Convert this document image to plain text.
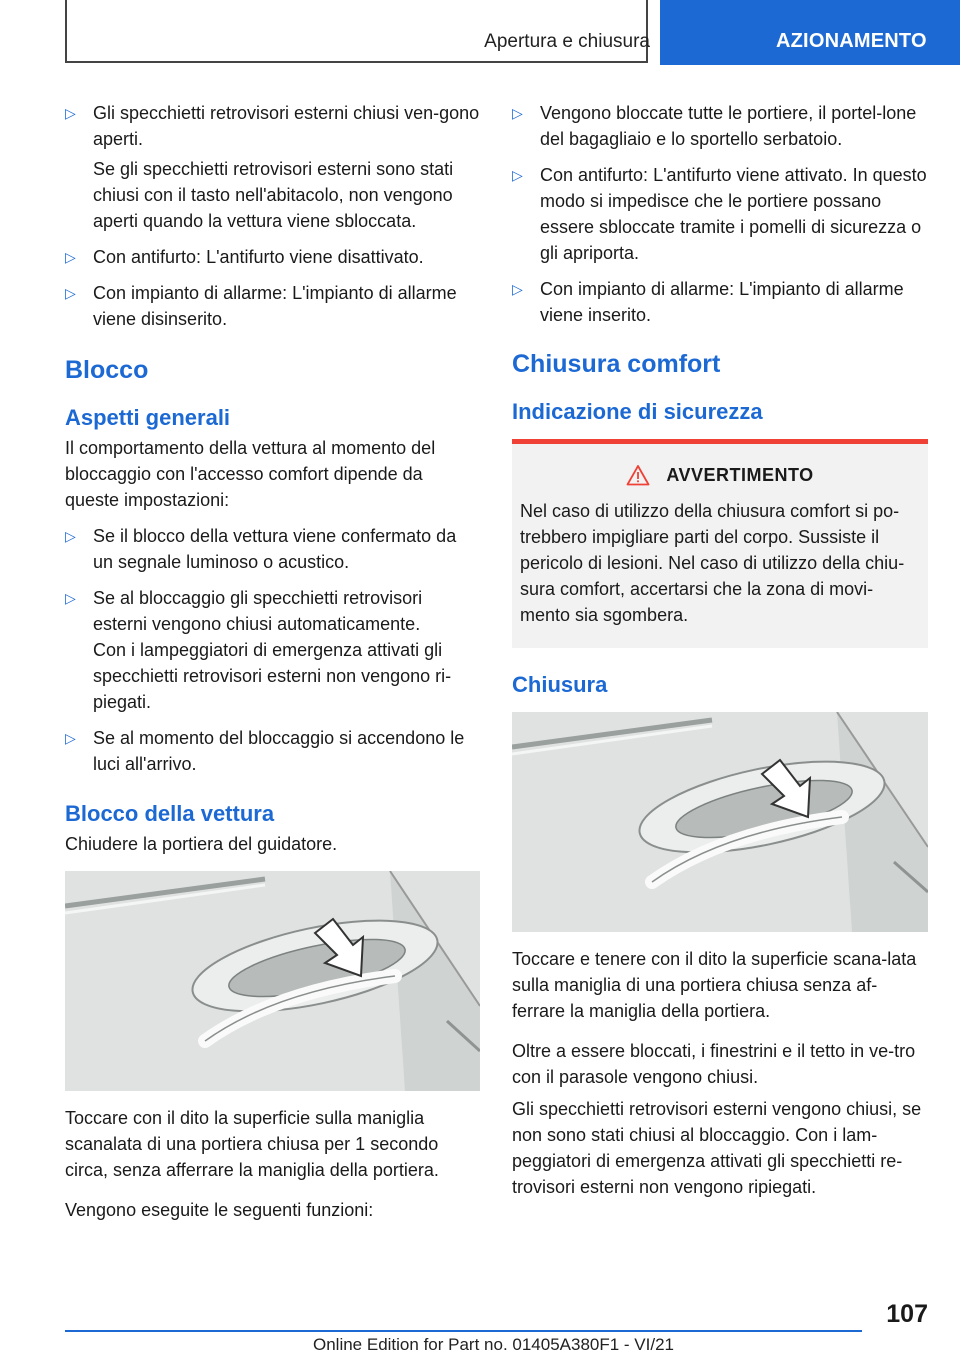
Apertura e chiusura	AZIONAMENTO
▷ Gli specchietti retrovisori esterni chiusi ven-gono aperti.
Se gli specchietti retrovisori esterni sono stati chiusi con il tasto nell'abitacolo, non vengono aperti quando la vettura viene sbloccata.
▷ Con antifurto: L'antifurto viene disattivato.
▷ Con impianto di allarme: L'impianto di allarme viene disinserito.
Blocco
Aspetti generali

Il comportamento della vettura al momento del bloccaggio con l'accesso comfort dipende da queste impostazioni:

▷ Se il blocco della vettura viene confermato da un segnale luminoso o acustico.
▷ Se al bloccaggio gli specchietti retrovisori esterni vengono chiusi automaticamente.
Con i lampeggiatori di emergenza attivati gli specchietti retrovisori esterni non vengono ri-piegati.
▷ Se al momento del bloccaggio si accendono le luci all'arrivo.
Blocco della vettura

Chiudere la portiera del guidatore.

Toccare con il dito la superficie sulla maniglia scanalata di una portiera chiusa per 1 secondo circa, senza afferrare la maniglia della portiera.

Vengono eseguite le seguenti funzioni:

▷ Vengono bloccate tutte le portiere, il portel-lone del bagagliaio e lo sportello serbatoio.
▷ Con antifurto: L'antifurto viene attivato. In questo modo si impedisce che le portiere possano essere sbloccate tramite i pomelli di sicurezza o gli apriporta.
▷ Con impianto di allarme: L'impianto di allarme viene inserito.
Chiusura comfort
Indicazione di sicurezza
AVVERTIMENTO
Nel caso di utilizzo della chiusura comfort si po-trebbero impigliare parti del corpo. Sussiste il pericolo di lesioni. Nel caso di utilizzo della chiu-sura comfort, accertarsi che la zona di movi-mento sia sgombera.
Chiusura

Toccare e tenere con il dito la superficie scana-lata sulla maniglia di una portiera chiusa senza af-ferrare la maniglia della portiera.

Oltre a essere bloccati, i finestrini e il tetto in ve-tro con il parasole vengono chiusi.

Gli specchietti retrovisori esterni vengono chiusi, se non sono stati chiusi al bloccaggio. Con i lam-peggiatori di emergenza attivati gli specchietti re-trovisori esterni non vengono ripiegati.

107
Online Edition for Part no. 01405A380F1 - VI/21
